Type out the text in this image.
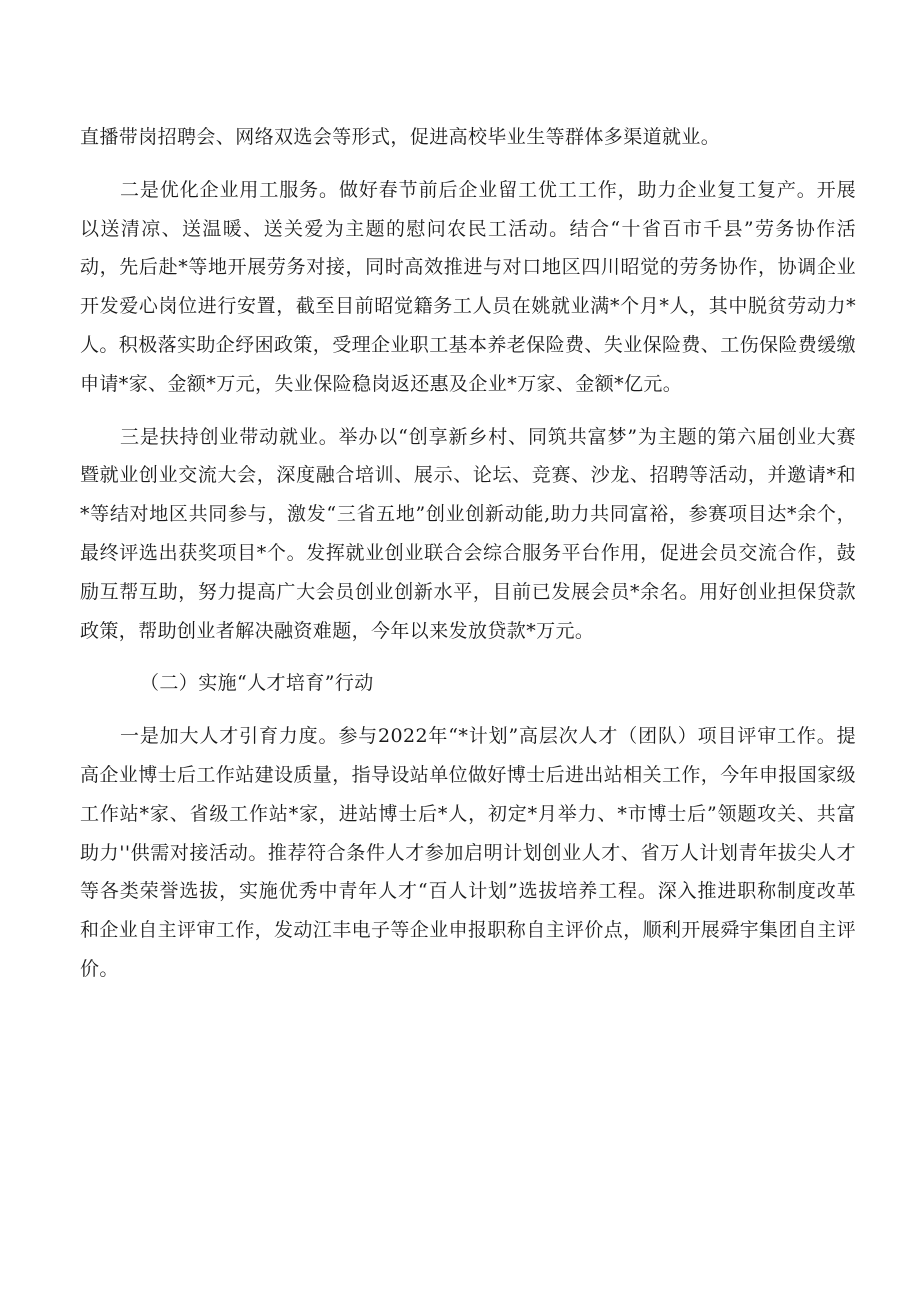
直播带岗招聘会、网络双选会等形式，促进高校毕业生等群体多渠道就业。

二是优化企业用工服务。做好春节前后企业留工优工工作，助力企业复工复产。开展以送清凉、送温暖、送关爱为主题的慰问农民工活动。结合“十省百市千县”劳务协作活动，先后赴*等地开展劳务对接，同时高效推进与对口地区四川昭觉的劳务协作，协调企业开发爱心岗位进行安置，截至目前昭觉籍务工人员在姚就业满*个月*人，其中脱贫劳动力*人。积极落实助企纾困政策，受理企业职工基本养老保险费、失业保险费、工伤保险费缓缴申请*家、金额*万元，失业保险稳岗返还惠及企业*万家、金额*亿元。

三是扶持创业带动就业。举办以“创享新乡村、同筑共富梦”为主题的第六届创业大赛暨就业创业交流大会，深度融合培训、展示、论坛、竞赛、沙龙、招聘等活动，并邀请*和*等结对地区共同参与，激发“三省五地”创业创新动能,助力共同富裕，参赛项目达*余个，最终评选出获奖项目*个。发挥就业创业联合会综合服务平台作用，促进会员交流合作，鼓励互帮互助，努力提高广大会员创业创新水平，目前已发展会员*余名。用好创业担保贷款政策，帮助创业者解决融资难题，今年以来发放贷款*万元。

（二）实施“人才培育”行动

一是加大人才引育力度。参与2022年“*计划”高层次人才（团队）项目评审工作。提高企业博士后工作站建设质量，指导设站单位做好博士后进出站相关工作，今年申报国家级工作站*家、省级工作站*家，进站博士后*人，初定*月举力、*市博士后”领题攻关、共富助力''供需对接活动。推荐符合条件人才参加启明计划创业人才、省万人计划青年拔尖人才等各类荣誉选拔，实施优秀中青年人才“百人计划”选拔培养工程。深入推进职称制度改革和企业自主评审工作，发动江丰电子等企业申报职称自主评价点，顺利开展舜宇集团自主评价。
